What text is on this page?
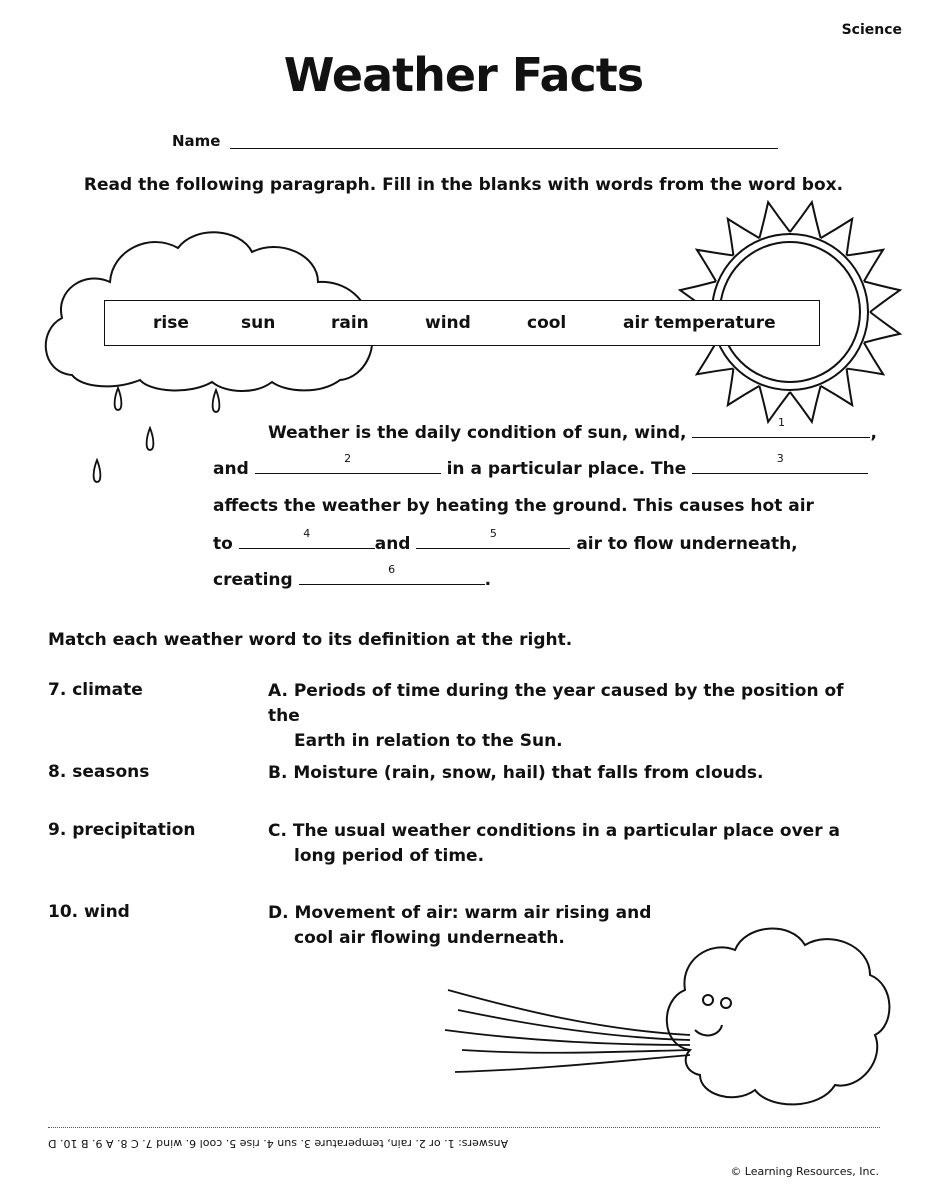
Science
Weather Facts
Name
Read the following paragraph. Fill in the blanks with words from the word box.
rise	sun	rain	wind	cool	air temperature
Weather is the daily condition of sun, wind,
1
,
and
2
in a particular place. The
3
affects the weather by heating the ground. This causes hot air
to
4
and
5
air to flow underneath,
creating
6
.
Match each weather word to its definition at the right.
7. climate	A. Periods of time during the year caused by the position of the
Earth in relation to the Sun.
8. seasons	B. Moisture (rain, snow, hail) that falls from clouds.
9. precipitation	C. The usual weather conditions in a particular place over a
long period of time.
10. wind	D. Movement of air: warm air rising and
cool air flowing underneath.
Answers: 1. or 2. rain, temperature 3. sun 4. rise 5. cool 6. wind 7. C 8. A 9. B 10. D
© Learning Resources, Inc.
